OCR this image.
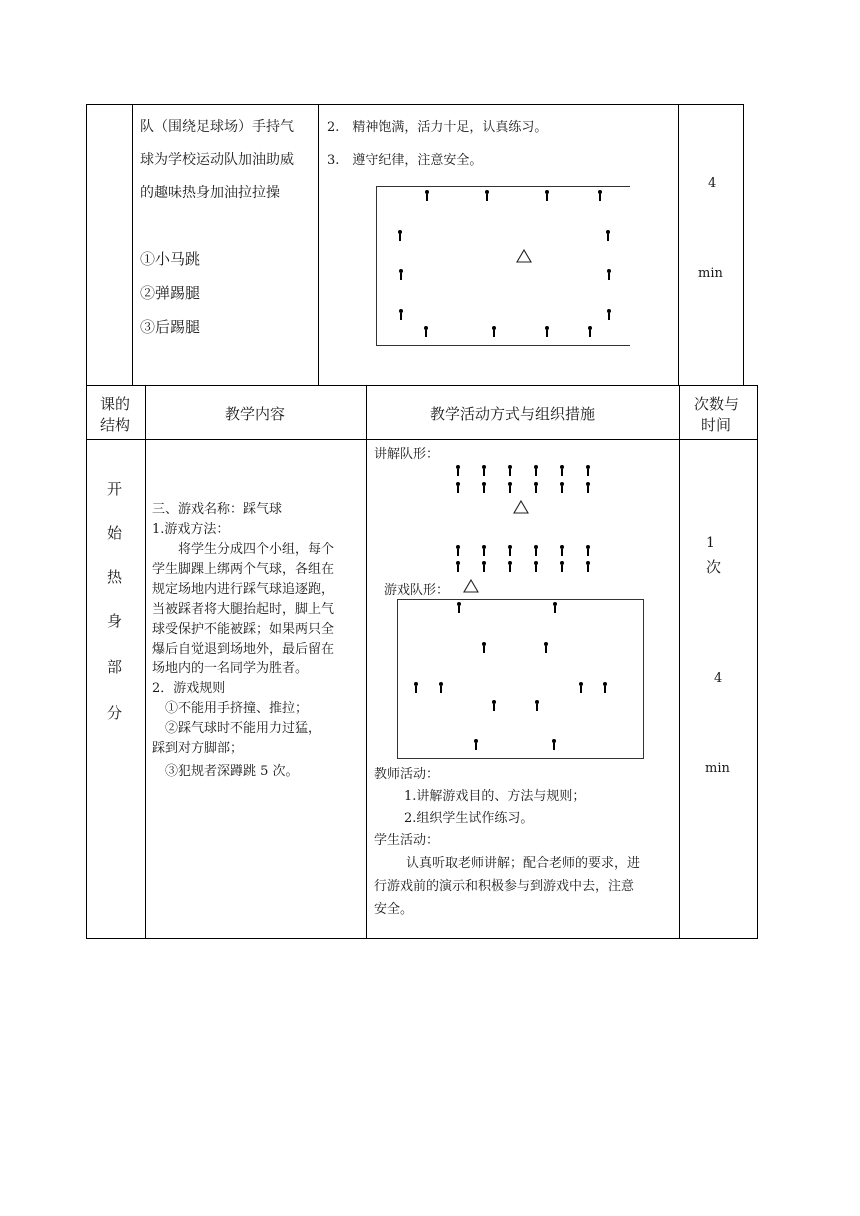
队（围绕足球场）手持气
球为学校运动队加油助威
的趣味热身加油拉拉操
①小马跳
②弹踢腿
③后踢腿
2.　精神饱满，活力十足，认真练习。
3.　遵守纪律，注意安全。
4
min
课的
结构
教学内容	教学活动方式与组织措施
次数与
时间
开
始
热
身
部
分
三、游戏名称：踩气球
1.游戏方法：
　　将学生分成四个小组，每个
学生脚踝上绑两个气球，各组在
规定场地内进行踩气球追逐跑，
当被踩者将大腿抬起时，脚上气
球受保护不能被踩；如果两只全
爆后自觉退到场地外，最后留在
场地内的一名同学为胜者。
2．游戏规则
　①不能用手挤撞、推拉；
　②踩气球时不能用力过猛，
踩到对方脚部；
　③犯规者深蹲跳 5 次。
讲解队形：
游戏队形：
教师活动：
1.讲解游戏目的、方法与规则；
2.组织学生试作练习。
学生活动：
认真听取老师讲解；配合老师的要求，进
行游戏前的演示和积极参与到游戏中去，注意
安全。
1
次
4
min
